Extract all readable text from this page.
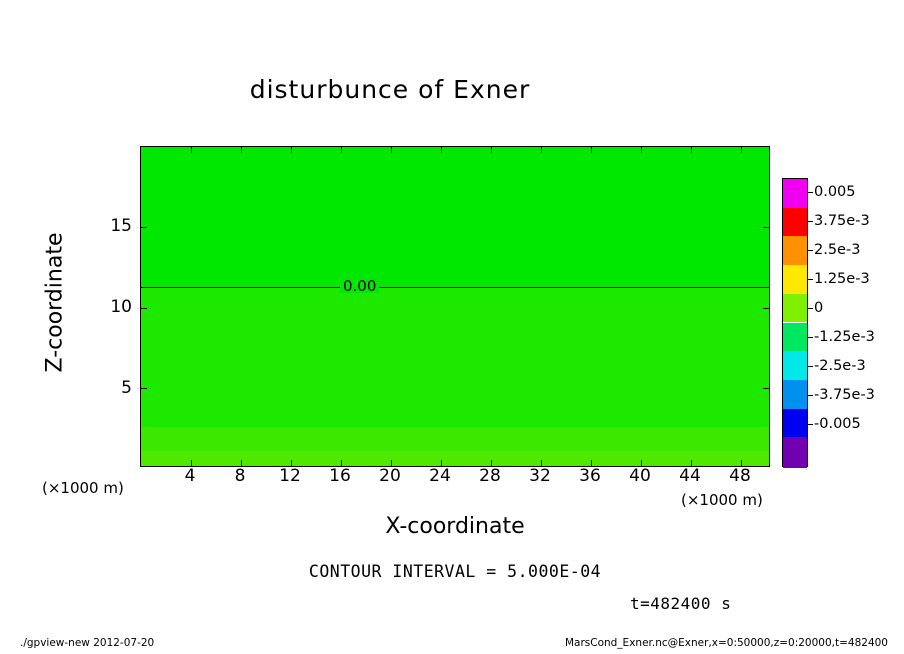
disturbunce of Exner
0.00
4	8	12	16	20	24	28	32	36	40	44	48
5
10
15
X-coordinate
Z-coordinate
(×1000 m)
(×1000 m)
0.005
3.75e-3
2.5e-3
1.25e-3
0
-1.25e-3
-2.5e-3
-3.75e-3
-0.005
CONTOUR INTERVAL = 5.000E-04
t=482400 s
./gpview-new 2012-07-20	MarsCond_Exner.nc@Exner,x=0:50000,z=0:20000,t=482400
